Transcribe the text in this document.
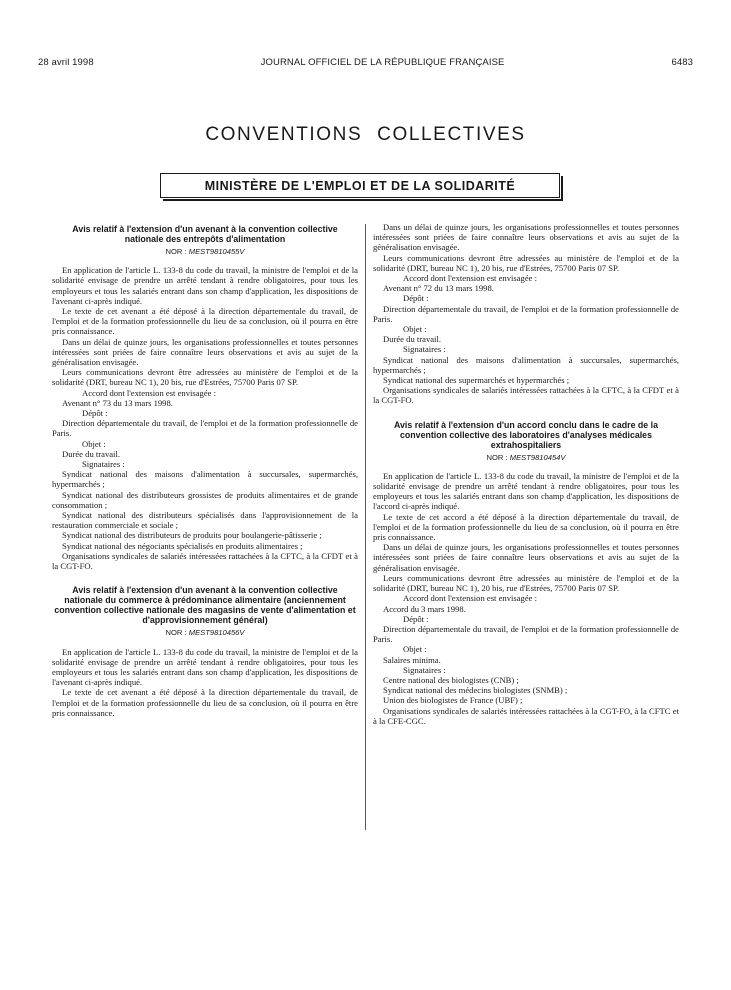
28 avril 1998	JOURNAL OFFICIEL DE LA RÉPUBLIQUE FRANÇAISE	6483
CONVENTIONS COLLECTIVES
MINISTÈRE DE L'EMPLOI ET DE LA SOLIDARITÉ
Avis relatif à l'extension d'un avenant à la convention collective nationale des entrepôts d'alimentation
NOR : MEST9810455V

En application de l'article L. 133-8 du code du travail, la ministre de l'emploi et de la solidarité envisage de prendre un arrêté tendant à rendre obligatoires, pour tous les employeurs et tous les salariés entrant dans son champ d'application, les dispositions de l'avenant ci-après indiqué.

Le texte de cet avenant a été déposé à la direction départementale du travail, de l'emploi et de la formation professionnelle du lieu de sa conclusion, où il pourra en être pris connaissance.

Dans un délai de quinze jours, les organisations professionnelles et toutes personnes intéressées sont priées de faire connaître leurs observations et avis au sujet de la généralisation envisagée.

Leurs communications devront être adressées au ministère de l'emploi et de la solidarité (DRT, bureau NC 1), 20 bis, rue d'Estrées, 75700 Paris 07 SP.

Accord dont l'extension est envisagée :

Avenant n° 73 du 13 mars 1998.

Dépôt :

Direction départementale du travail, de l'emploi et de la formation professionnelle de Paris.

Objet :

Durée du travail.

Signataires :

Syndicat national des maisons d'alimentation à succursales, supermarchés, hypermarchés ;

Syndicat national des distributeurs grossistes de produits alimentaires et de grande consommation ;

Syndicat national des distributeurs spécialisés dans l'approvisionnement de la restauration commerciale et sociale ;

Syndicat national des distributeurs de produits pour boulangerie-pâtisserie ;

Syndicat national des négociants spécialisés en produits alimentaires ;

Organisations syndicales de salariés intéressées rattachées à la CFTC, à la CFDT et à la CGT-FO.

Avis relatif à l'extension d'un avenant à la convention collective nationale du commerce à prédominance alimentaire (anciennement convention collective nationale des magasins de vente d'alimentation et d'approvisionnement général)
NOR : MEST9810456V

En application de l'article L. 133-8 du code du travail, la ministre de l'emploi et de la solidarité envisage de prendre un arrêté tendant à rendre obligatoires, pour tous les employeurs et tous les salariés entrant dans son champ d'application, les dispositions de l'avenant ci-après indiqué.

Le texte de cet avenant a été déposé à la direction départementale du travail, de l'emploi et de la formation professionnelle du lieu de sa conclusion, où il pourra en être pris connaissance.

Dans un délai de quinze jours, les organisations professionnelles et toutes personnes intéressées sont priées de faire connaître leurs observations et avis au sujet de la généralisation envisagée.

Leurs communications devront être adressées au ministère de l'emploi et de la solidarité (DRT, bureau NC 1), 20 bis, rue d'Estrées, 75700 Paris 07 SP.

Accord dont l'extension est envisagée :

Avenant n° 72 du 13 mars 1998.

Dépôt :

Direction départementale du travail, de l'emploi et de la formation professionnelle de Paris.

Objet :

Durée du travail.

Signataires :

Syndicat national des maisons d'alimentation à succursales, supermarchés, hypermarchés ;

Syndicat national des supermarchés et hypermarchés ;

Organisations syndicales de salariés intéressées rattachées à la CFTC, à la CFDT et à la CGT-FO.

Avis relatif à l'extension d'un accord conclu dans le cadre de la convention collective des laboratoires d'analyses médicales extrahospitaliers
NOR : MEST9810454V

En application de l'article L. 133-8 du code du travail, la ministre de l'emploi et de la solidarité envisage de prendre un arrêté tendant à rendre obligatoires, pour tous les employeurs et tous les salariés entrant dans son champ d'application, les dispositions de l'accord ci-après indiqué.

Le texte de cet accord a été déposé à la direction départementale du travail, de l'emploi et de la formation professionnelle du lieu de sa conclusion, où il pourra en être pris connaissance.

Dans un délai de quinze jours, les organisations professionnelles et toutes personnes intéressées sont priées de faire connaître leurs observations et avis au sujet de la généralisation envisagée.

Leurs communications devront être adressées au ministère de l'emploi et de la solidarité (DRT, bureau NC 1), 20 bis, rue d'Estrées, 75700 Paris 07 SP.

Accord dont l'extension est envisagée :

Accord du 3 mars 1998.

Dépôt :

Direction départementale du travail, de l'emploi et de la formation professionnelle de Paris.

Objet :

Salaires minima.

Signataires :

Centre national des biologistes (CNB) ;

Syndicat national des médecins biologistes (SNMB) ;

Union des biologistes de France (UBF) ;

Organisations syndicales de salariés intéressées rattachées à la CGT-FO, à la CFTC et à la CFE-CGC.
